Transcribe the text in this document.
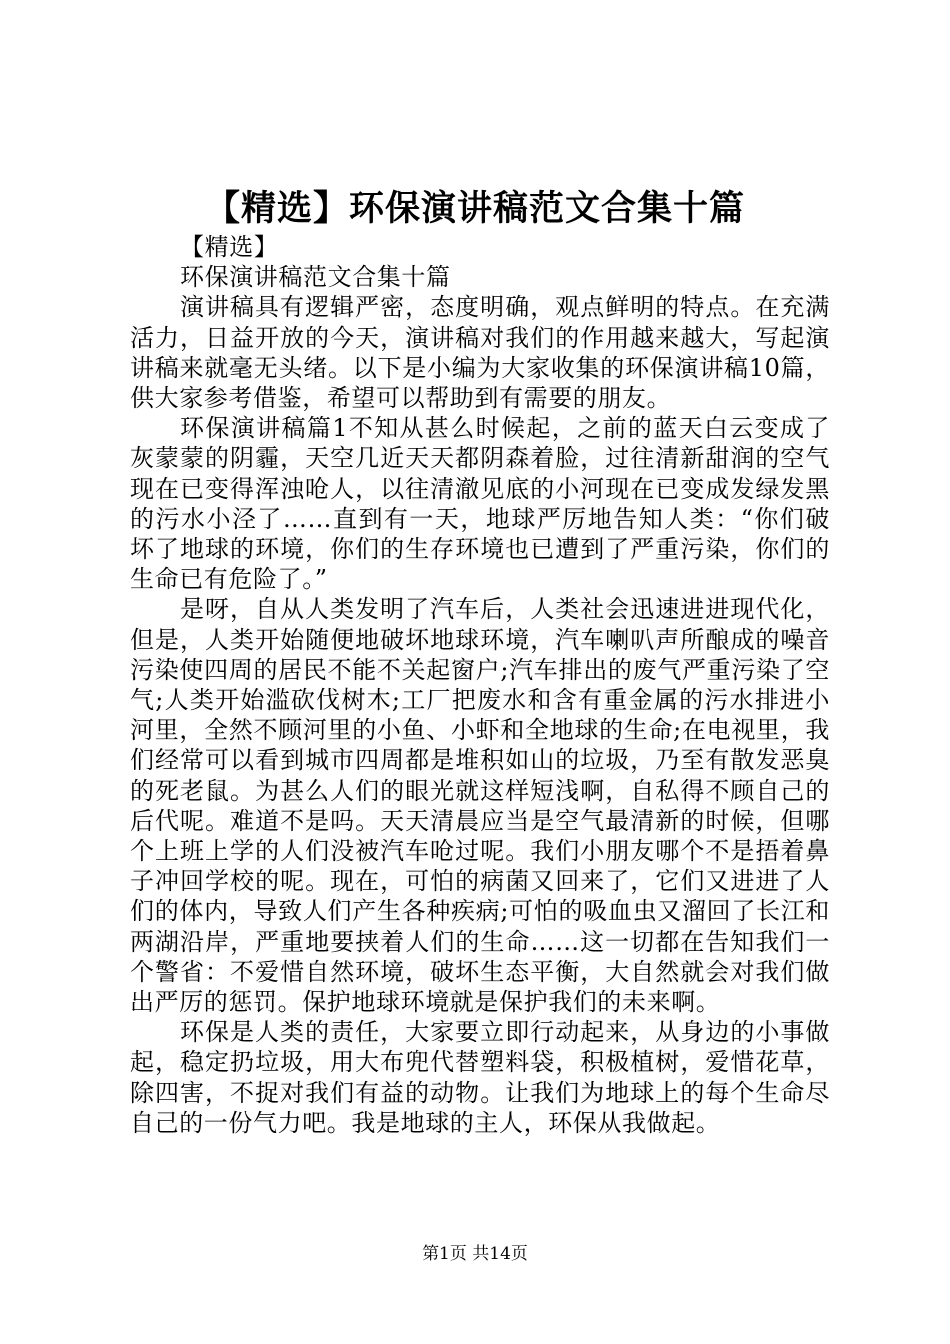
【精选】环保演讲稿范文合集十篇

【精选】

环保演讲稿范文合集十篇

演讲稿具有逻辑严密，态度明确，观点鲜明的特点。在充满活力，日益开放的今天，演讲稿对我们的作用越来越大，写起演讲稿来就毫无头绪。以下是小编为大家收集的环保演讲稿10篇，供大家参考借鉴，希望可以帮助到有需要的朋友。

环保演讲稿篇1不知从甚么时候起，之前的蓝天白云变成了灰蒙蒙的阴霾，天空几近天天都阴森着脸，过往清新甜润的空气现在已变得浑浊呛人，以往清澈见底的小河现在已变成发绿发黑的污水小泾了……直到有一天，地球严厉地告知人类：“你们破坏了地球的环境，你们的生存环境也已遭到了严重污染，你们的生命已有危险了。”

是呀，自从人类发明了汽车后，人类社会迅速进进现代化，但是，人类开始随便地破坏地球环境，汽车喇叭声所酿成的噪音污染使四周的居民不能不关起窗户;汽车排出的废气严重污染了空气;人类开始滥砍伐树木;工厂把废水和含有重金属的污水排进小河里，全然不顾河里的小鱼、小虾和全地球的生命;在电视里，我们经常可以看到城市四周都是堆积如山的垃圾，乃至有散发恶臭的死老鼠。为甚么人们的眼光就这样短浅啊，自私得不顾自己的后代呢。难道不是吗。天天清晨应当是空气最清新的时候，但哪个上班上学的人们没被汽车呛过呢。我们小朋友哪个不是捂着鼻子冲回学校的呢。现在，可怕的病菌又回来了，它们又进进了人们的体内，导致人们产生各种疾病;可怕的吸血虫又溜回了长江和两湖沿岸，严重地要挟着人们的生命……这一切都在告知我们一个警省：不爱惜自然环境，破坏生态平衡，大自然就会对我们做出严厉的惩罚。保护地球环境就是保护我们的未来啊。

环保是人类的责任，大家要立即行动起来，从身边的小事做起，稳定扔垃圾，用大布兜代替塑料袋，积极植树，爱惜花草，除四害，不捉对我们有益的动物。让我们为地球上的每个生命尽自己的一份气力吧。我是地球的主人，环保从我做起。

第1页 共14页
